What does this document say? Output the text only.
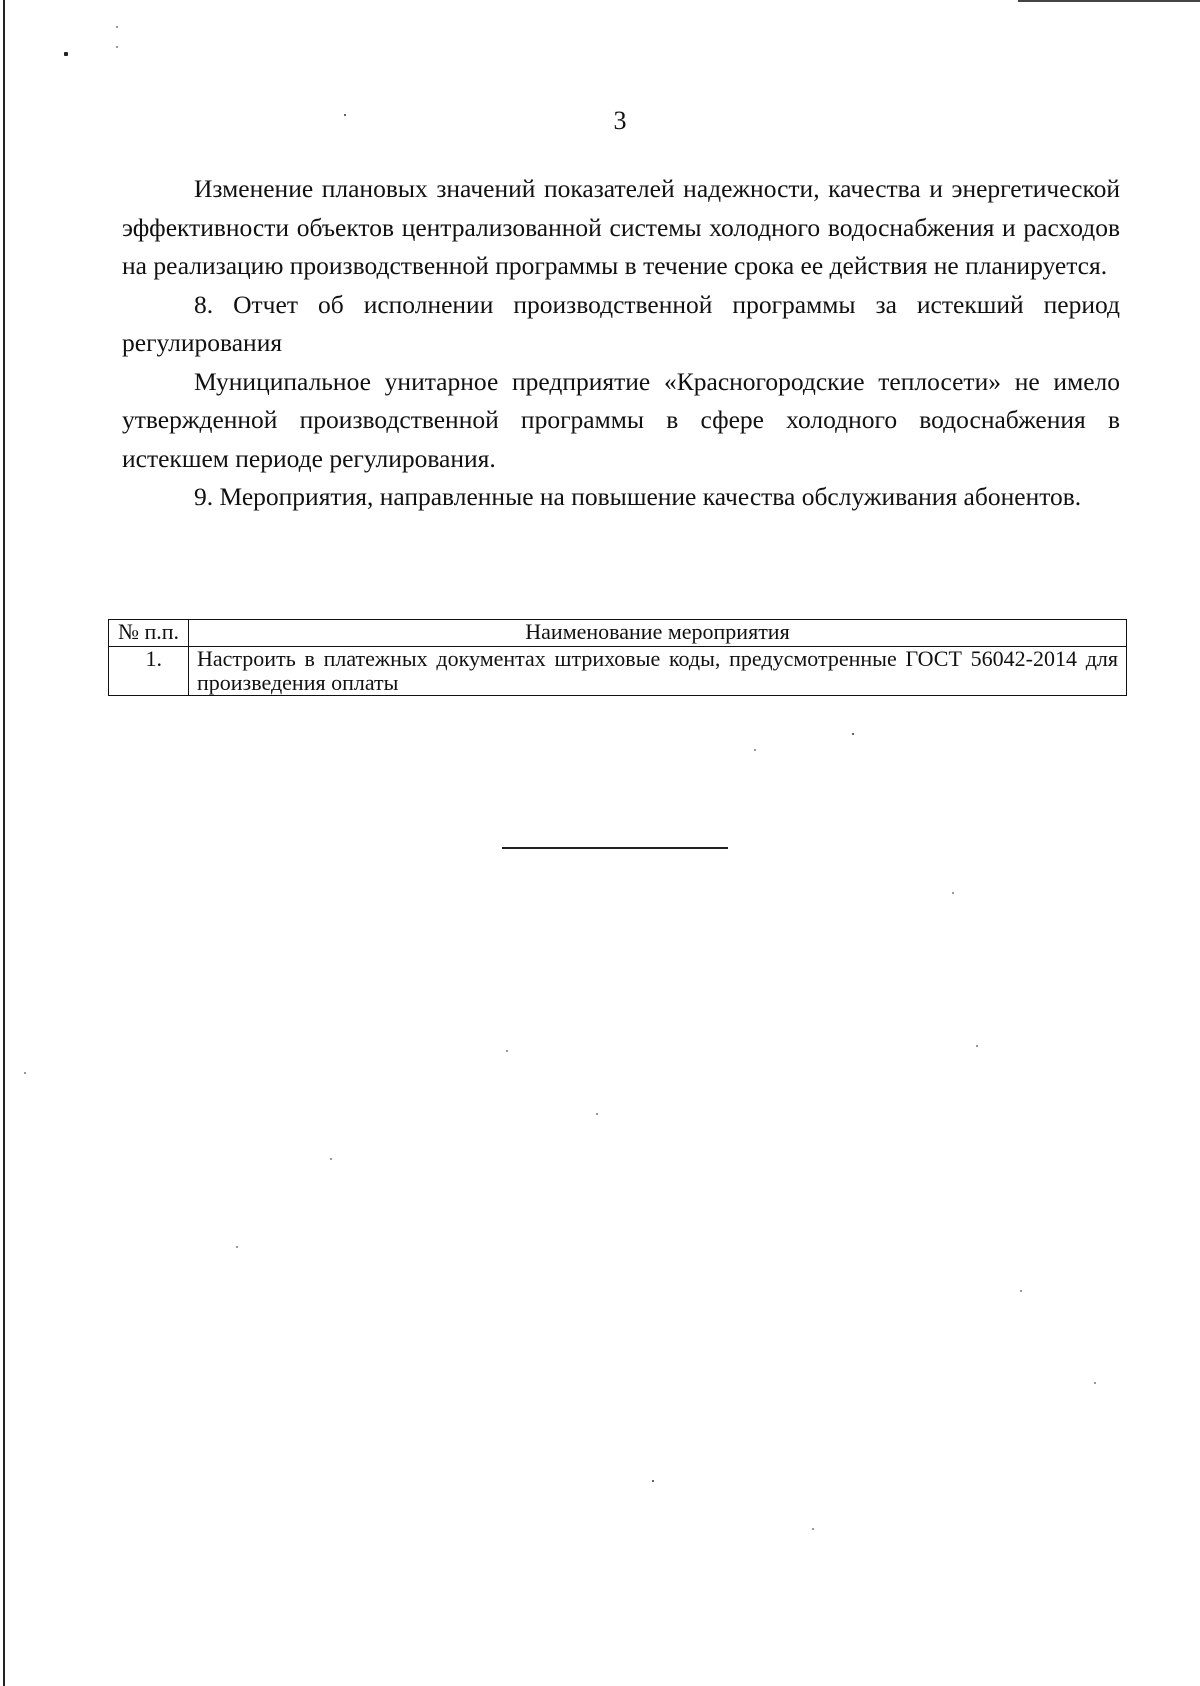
3

Изменение плановых значений показателей надежности, качества и энергетической эффективности объектов централизованной системы холодного водоснабжения и расходов на реализацию производственной программы в течение срока ее действия не планируется.

8. Отчет об исполнении производственной программы за истекший период регулирования

Муниципальное унитарное предприятие «Красногородские теплосети» не имело утвержденной производственной программы в сфере холодного водоснабжения в истекшем периоде регулирования.

9. Мероприятия, направленные на повышение качества обслуживания абонентов.

№ п.п.	Наименование мероприятия
1.	Настроить в платежных документах штриховые коды, предусмотренные ГОСТ 56042-2014 для произведения оплаты
